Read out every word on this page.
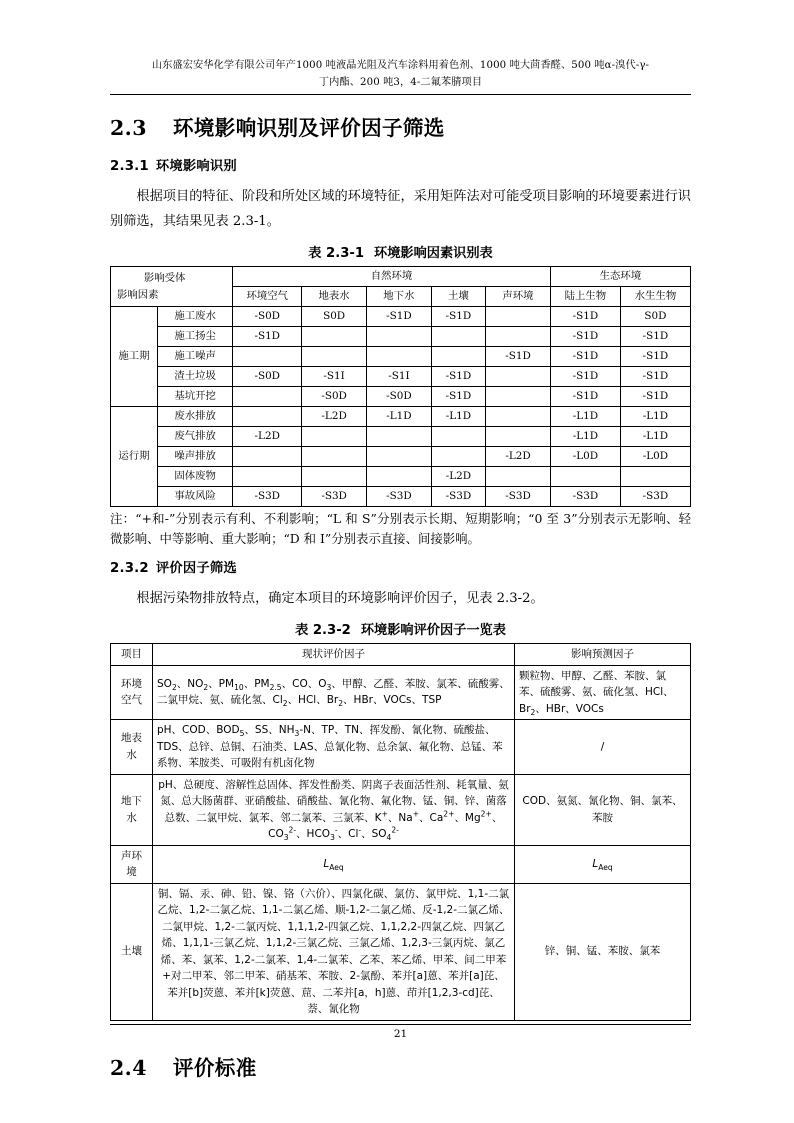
山东盛宏安华化学有限公司年产1000 吨液晶光阻及汽车涂料用着色剂、1000 吨大茴香醛、500 吨α-溴代-γ-
丁内酯、200 吨3，4-二氟苯腈项目
2.3 环境影响识别及评价因子筛选
2.3.1 环境影响识别

根据项目的特征、阶段和所处区域的环境特征，采用矩阵法对可能受项目影响的环境要素进行识别筛选，其结果见表 2.3-1。

表 2.3-1 环境影响因素识别表
影响受体
影响因素		自然环境					生态环境	
		环境空气	地表水	地下水	土壤	声环境	陆上生物	水生生物
施工期	施工废水	-S0D	S0D	-S1D	-S1D		-S1D	S0D
	施工扬尘	-S1D					-S1D	-S1D
	施工噪声					-S1D	-S1D	-S1D
	渣土垃圾	-S0D	-S1I	-S1I	-S1D		-S1D	-S1D
	基坑开挖		-S0D	-S0D	-S1D		-S1D	-S1D
运行期	废水排放		-L2D	-L1D	-L1D		-L1D	-L1D
	废气排放	-L2D					-L1D	-L1D
	噪声排放					-L2D	-L0D	-L0D
	固体废物				-L2D			
	事故风险	-S3D	-S3D	-S3D	-S3D	-S3D	-S3D	-S3D
注：“+和-”分别表示有利、不利影响；“L 和 S”分别表示长期、短期影响；“0 至 3”分别表示无影响、轻微影响、中等影响、重大影响；“D 和 I”分别表示直接、间接影响。
2.3.2 评价因子筛选

根据污染物排放特点，确定本项目的环境影响评价因子，见表 2.3-2。

表 2.3-2 环境影响评价因子一览表
项目	现状评价因子	影响预测因子
环境
空气	$SO_2$、$NO_2$、$PM_{10}$、$PM_{2.5}$、CO、$O_3$、甲醇、乙醛、苯胺、氯苯、硫酸雾、二氯甲烷、氨、硫化氢、$Cl_2$、HCl、$Br_2$、HBr、VOCs、TSP	颗粒物、甲醇、乙醛、苯胺、氯苯、硫酸雾、氨、硫化氢、HCl、$Br_2$、HBr、VOCs
地表
水	pH、COD、$BOD_5$、SS、$NH_3-N$、TP、TN、挥发酚、氰化物、硫酸盐、TDS、总锌、总铜、石油类、LAS、总氰化物、总余氯、氟化物、总锰、苯系物、苯胺类、可吸附有机卤化物	/
地下
水	pH、总硬度、溶解性总固体、挥发性酚类、阴离子表面活性剂、耗氧量、氨氮、总大肠菌群、亚硝酸盐、硝酸盐、氰化物、氟化物、锰、铜、锌、菌落总数、二氯甲烷、氯苯、邻二氯苯、三氯苯、K+、Na+、$Ca^{2+}$、$Mg^{2+}$、$CO_3^{2-}$、$HCO_3^-$、Cl-、$SO_4^{2-}$	COD、氨氮、氰化物、铜、氯苯、苯胺
声环
境	$L_{Aeq}$	$L_{Aeq}$
土壤	铜、镉、汞、砷、铅、镍、铬（六价）、四氯化碳、氯仿、氯甲烷、1,1-二氯乙烷、1,2-二氯乙烷、1,1-二氯乙烯、顺-1,2-二氯乙烯、反-1,2-二氯乙烯、二氯甲烷、1,2-二氯丙烷、1,1,1,2-四氯乙烷、1,1,2,2-四氯乙烷、四氯乙烯、1,1,1-三氯乙烷、1,1,2-三氯乙烷、三氯乙烯、1,2,3-三氯丙烷、氯乙烯、苯、氯苯、1,2-二氯苯、1,4-二氯苯、乙苯、苯乙烯、甲苯、间二甲苯+对二甲苯、邻二甲苯、硝基苯、苯胺、2-氯酚、苯并[a]蒽、苯并[a]芘、苯并[b]荧蒽、苯并[k]荧蒽、䓛、二苯并[a，h]蒽、茚并[1,2,3-cd]芘、萘、氰化物	锌、铜、锰、苯胺、氯苯
2.4 评价标准
21
